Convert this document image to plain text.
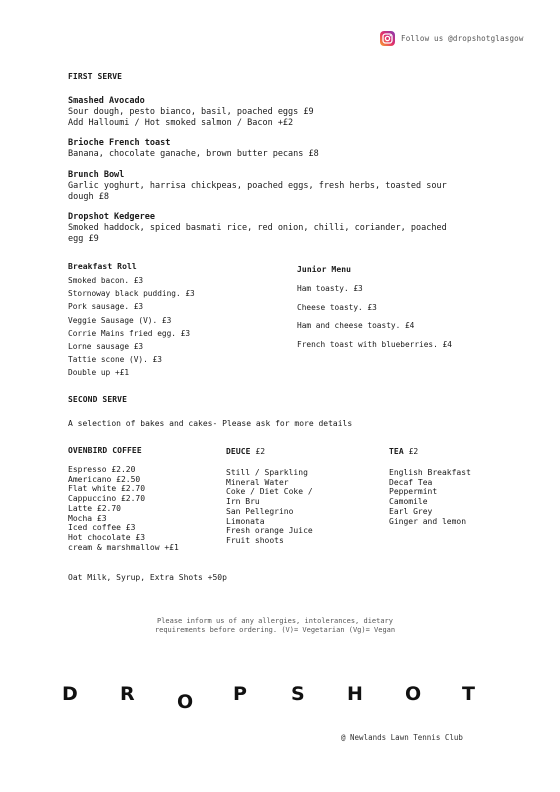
Follow us @dropshotglasgow
FIRST SERVE
Smashed Avocado
Sour dough, pesto bianco, basil, poached eggs £9
Add Halloumi / Hot smoked salmon / Bacon +£2
Brioche French toast
Banana, chocolate ganache, brown butter pecans £8
Brunch Bowl
Garlic yoghurt, harrisa chickpeas, poached eggs, fresh herbs, toasted sour
dough £8
Dropshot Kedgeree
Smoked haddock, spiced basmati rice, red onion, chilli, coriander, poached
egg £9
Breakfast Roll
Smoked bacon. £3
Stornoway black pudding. £3
Pork sausage. £3
Veggie Sausage (V). £3
Corrie Mains fried egg. £3
Lorne sausage £3
Tattie scone (V). £3
Double up +£1
Junior Menu
Ham toasty. £3
Cheese toasty. £3
Ham and cheese toasty. £4
French toast with blueberries. £4
SECOND SERVE
A selection of bakes and cakes- Please ask for more details
OVENBIRD COFFEE
Espresso £2.20
Americano £2.50
Flat white £2.70
Cappuccino £2.70
Latte £2.70
Mocha £3
Iced coffee £3
Hot chocolate £3
cream & marshmallow +£1
DEUCE £2
Still / Sparkling
Mineral Water
Coke / Diet Coke /
Irn Bru
San Pellegrino
Limonata
Fresh orange Juice
Fruit shoots
TEA £2
English Breakfast
Decaf Tea
Peppermint
Camomile
Earl Grey
Ginger and lemon
Oat Milk, Syrup, Extra Shots +50p
Please inform us of any allergies, intolerances, dietary
requirements before ordering. (V)= Vegetarian (Vg)= Vegan
D R O P S H O T
@ Newlands Lawn Tennis Club
